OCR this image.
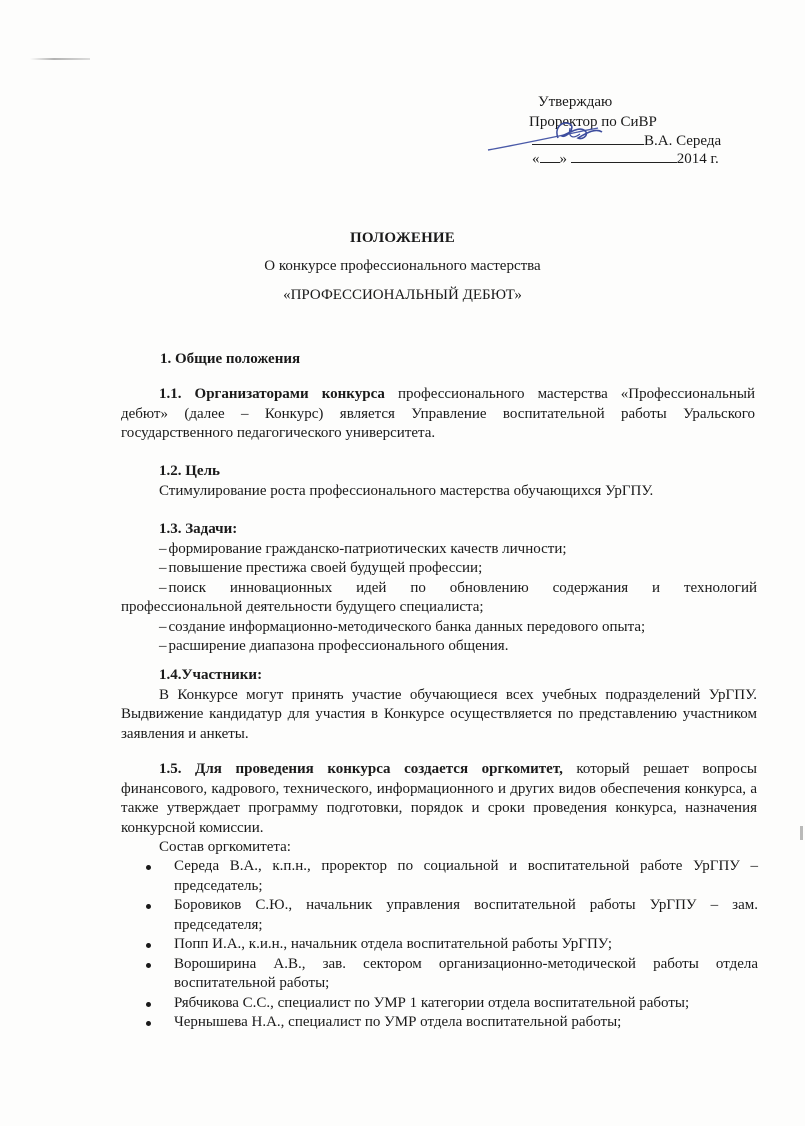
Утверждаю
Проректор по СиВР
В.А. Середа
« »	2014 г.
ПОЛОЖЕНИЕ
О конкурсе профессионального мастерства
«ПРОФЕССИОНАЛЬНЫЙ ДЕБЮТ»
1. Общие положения
1.1. Организаторами конкурса профессионального мастерства «Профессиональный дебют» (далее – Конкурс) является Управление воспитательной работы Уральского государственного педагогического университета.
1.2. Цель
Стимулирование роста профессионального мастерства обучающихся УрГПУ.
1.3. Задачи:
– формирование гражданско-патриотических качеств личности;
– повышение престижа своей будущей профессии;
– поиск инновационных идей по обновлению содержания и технологий
профессиональной деятельности будущего специалиста;
– создание информационно-методического банка данных передового опыта;
– расширение диапазона профессионального общения.
1.4.Участники:
В Конкурсе могут принять участие обучающиеся всех учебных подразделений УрГПУ. Выдвижение кандидатур для участия в Конкурсе осуществляется по представлению участником заявления и анкеты.
1.5. Для проведения конкурса создается оргкомитет, который решает вопросы финансового, кадрового, технического, информационного и других видов обеспечения конкурса, а также утверждает программу подготовки, порядок и сроки проведения конкурса, назначения конкурсной комиссии.
Состав оргкомитета:
Середа В.А., к.п.н., проректор по социальной и воспитательной работе УрГПУ – председатель;
Боровиков С.Ю., начальник управления воспитательной работы УрГПУ – зам. председателя;
Попп И.А., к.и.н., начальник отдела воспитательной работы УрГПУ;
Вороширина А.В., зав. сектором организационно-методической работы отдела воспитательной работы;
Рябчикова С.С., специалист по УМР 1 категории отдела воспитательной работы;
Чернышева Н.А., специалист по УМР отдела воспитательной работы;
